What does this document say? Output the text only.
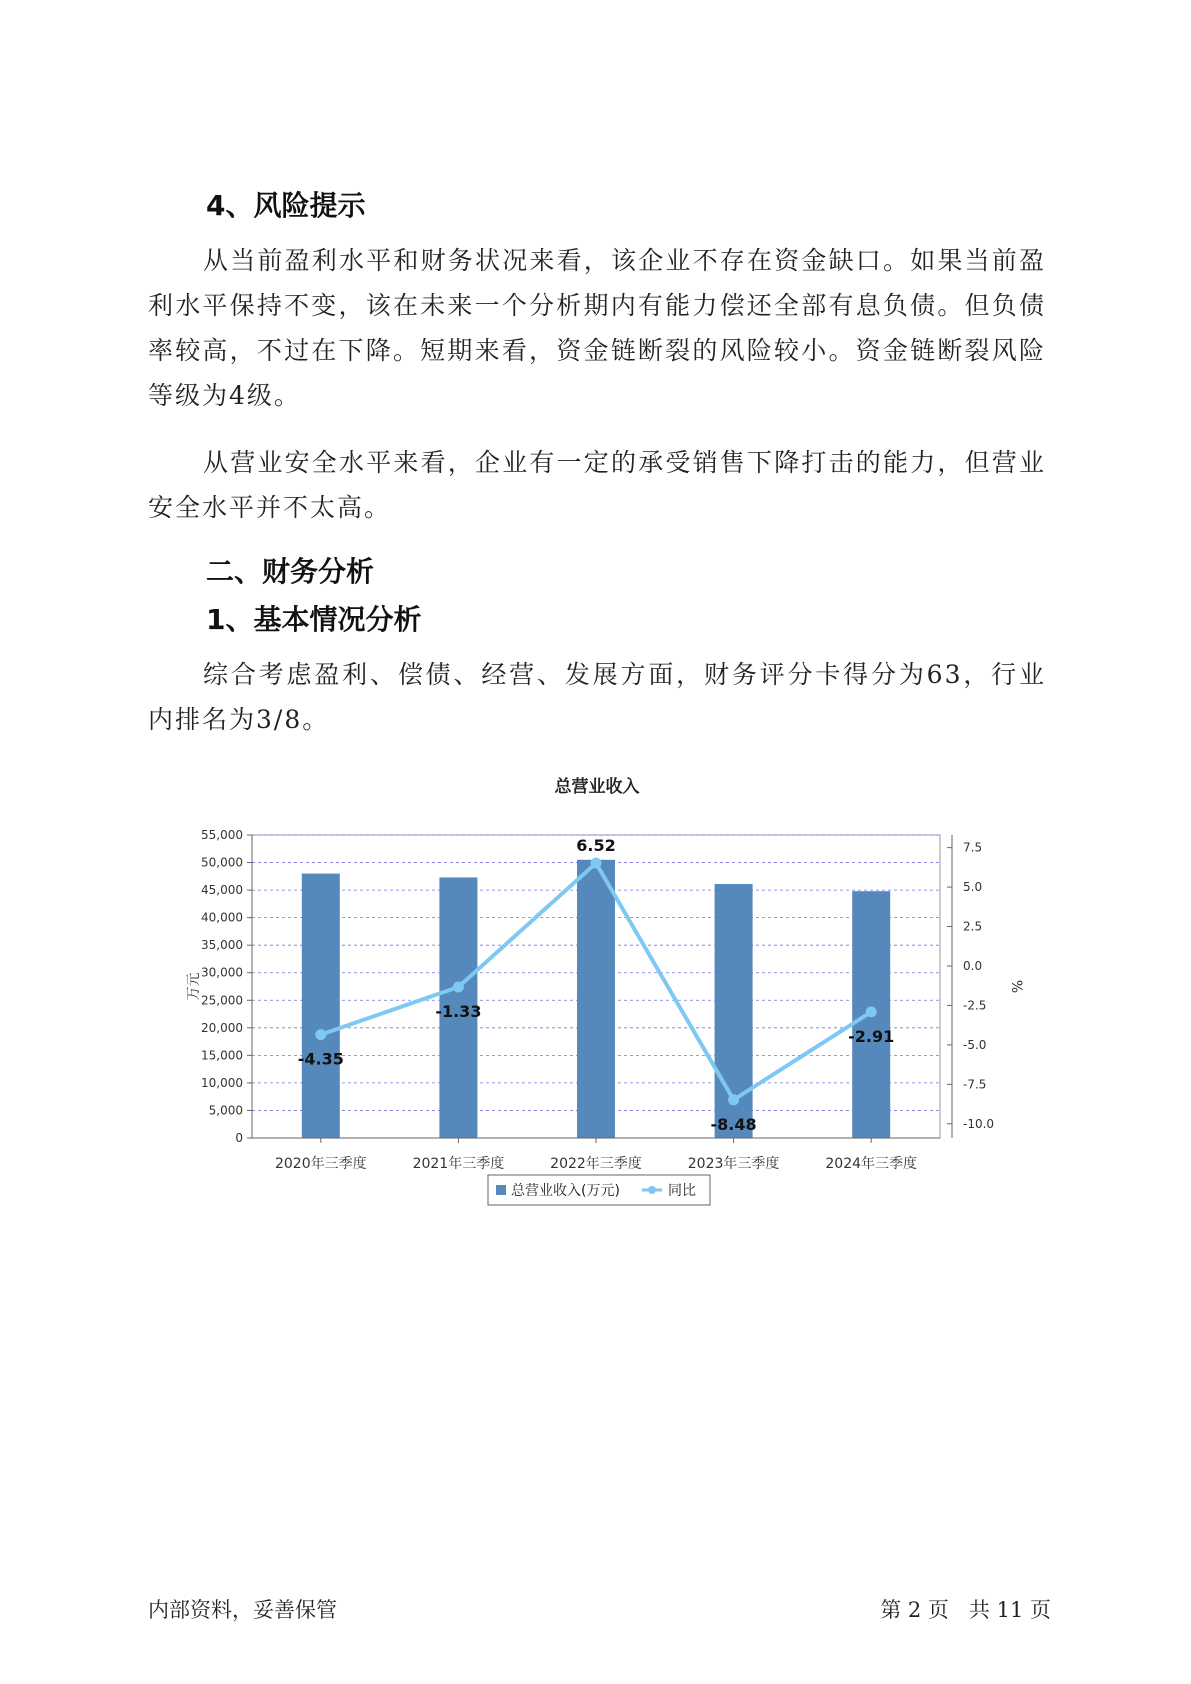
4、风险提示

从当前盈利水平和财务状况来看，该企业不存在资金缺口。如果当前盈利水平保持不变，该在未来一个分析期内有能力偿还全部有息负债。但负债率较高，不过在下降。短期来看，资金链断裂的风险较小。资金链断裂风险等级为4级。

从营业安全水平来看，企业有一定的承受销售下降打击的能力，但营业安全水平并不太高。

二、财务分析
1、基本情况分析

综合考虑盈利、偿债、经营、发展方面，财务评分卡得分为63，行业内排名为3/8。

总营业收入
0
5,000
10,000
15,000
20,000
25,000
30,000
35,000
40,000
45,000
50,000
55,000
2020年三季度	2021年三季度	2022年三季度	2023年三季度	2024年三季度
-10.0
-7.5
-5.0
-2.5
0.0
2.5
5.0
7.5
万元	%
-4.35
-1.33
6.52
-8.48
-2.91
总营业收入(万元)	同比

内部资料，妥善保管	第 2 页   共 11 页
